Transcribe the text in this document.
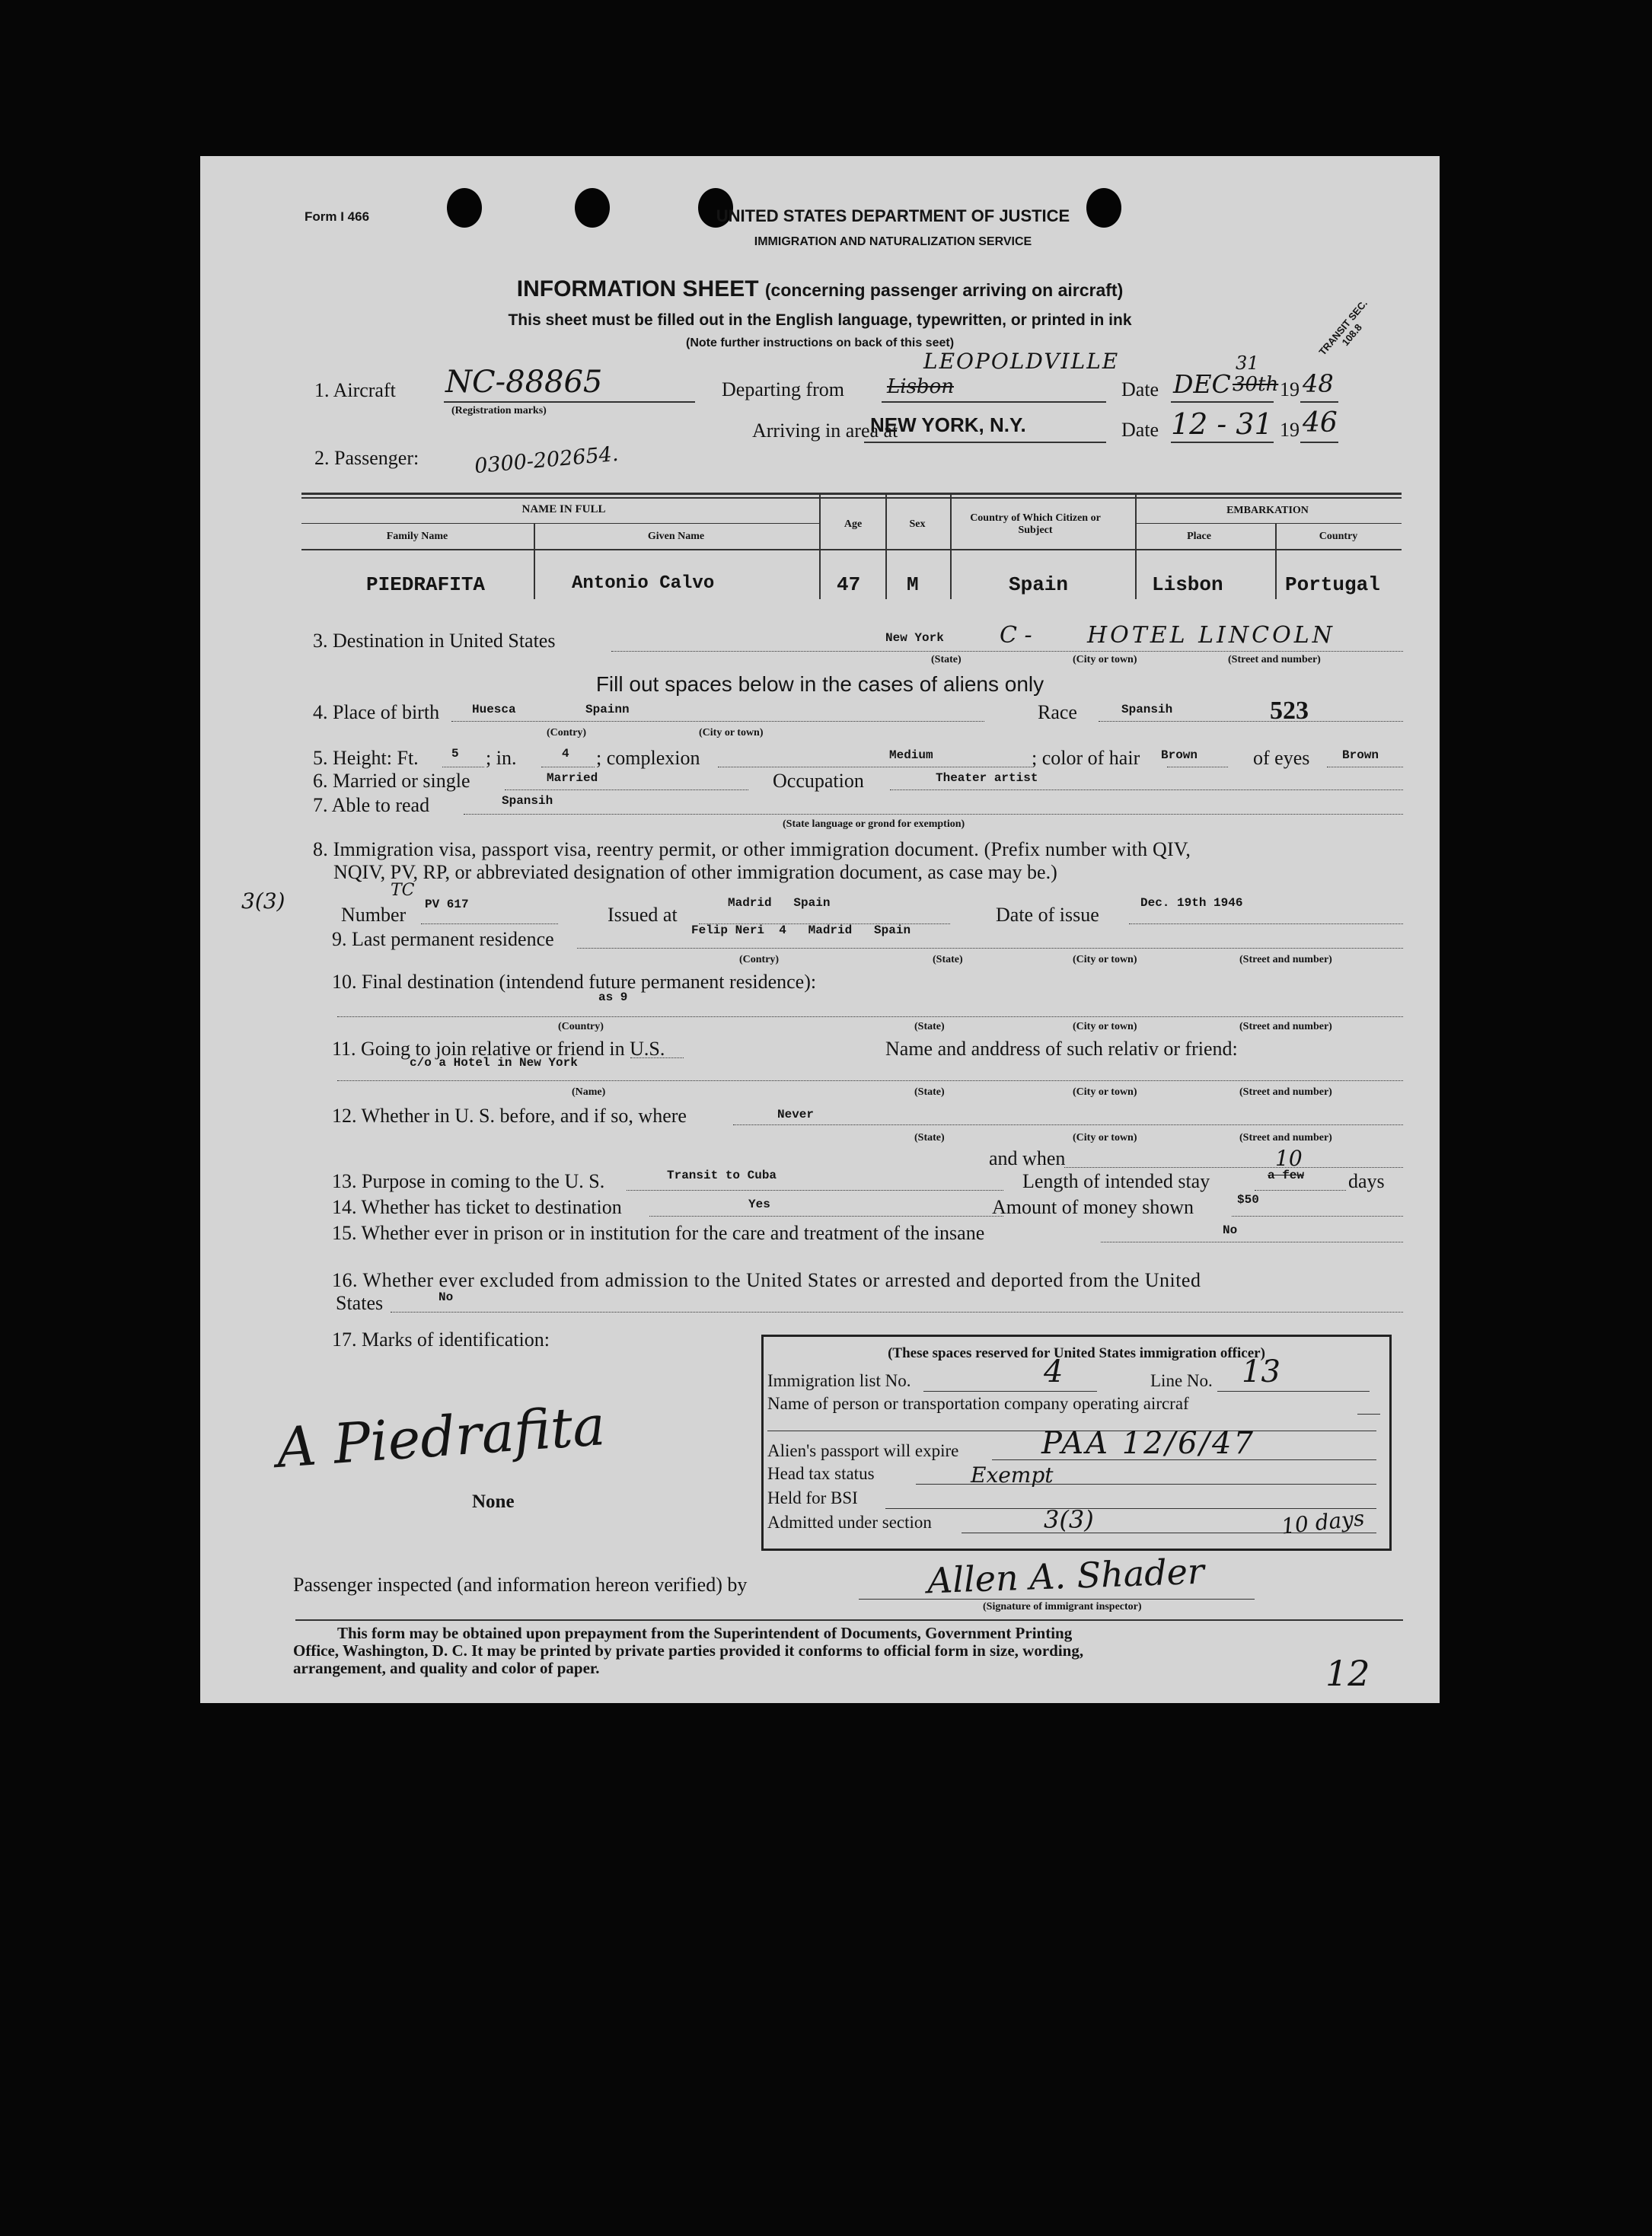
Form I 466	UNITED STATES DEPARTMENT OF JUSTICE
IMMIGRATION AND NATURALIZATION SERVICE
INFORMATION SHEET (concerning passenger arriving on aircraft)
This sheet must be filled out in the English language, typewritten, or printed in ink
(Note further instructions on back of this seet)	TRANSIT SEC. 108.8
1. Aircraft NC-88865
(Registration marks)
Departing from Lisbon
LEOPOLDVILLE
Date DEC 30th
31
19 48
Arriving in area at
NEW YORK, N.Y.	Date 12 - 31 19 46
2. Passenger:	0300-202654.
NAME IN FULL
Family Name	Given Name
Age	Sex
Country of Which Citizen or Subject
EMBARKATION
Place	Country
PIEDRAFITA	Antonio Calvo	47 M	Spain	Lisbon	Portugal
3. Destination in United States	New York C - HOTEL LINCOLN
(State)	(City or town)	(Street and number)
Fill out spaces below in the cases of aliens only
4. Place of birth	Huesca	Spainn
(Contry)	(City or town)
Race	Spansih	523
5. Height: Ft.	5 ; in.	4 ; complexion	Medium	; color of hair Brown	of eyes	Brown
6. Married or single	Married	Occupation	Theater artist
7. Able to read	Spansih
(State language or grond for exemption)
8. Immigration visa, passport visa, reentry permit, or other immigration document. (Prefix number with QIV,
NQIV, PV, RP, or abbreviated designation of other immigration document, as case may be.)
3(3)	TC
Number PV 617	Issued at
Madrid   Spain
Date of issue
Dec. 19th 1946
9. Last permanent residence	Felip Neri  4   Madrid   Spain
(Contry)	(State)	(City or town)	(Street and number)
10. Final destination (intendend future permanent residence):
as 9
(Country)	(State)	(City or town)	(Street and number)
11. Going to join relative or friend in U.S.	Name and anddress of such relativ or friend:
c/o a Hotel in New York
(Name)	(State)	(City or town)	(Street and number)
12. Whether in U. S. before, and if so, where	Never
(State)	(City or town)	(Street and number)
and when
13. Purpose in coming to the U. S.	Transit to Cuba	Length of intended stay	a few
10
days
14. Whether has ticket to destination	Yes	Amount of money shown	$50
15. Whether ever in prison or in institution for the care and treatment of the insane	No
16. Whether ever excluded from admission to the United States or arrested and deported from the United
States	No
17. Marks of identification:
A Piedrafita
None
(These spaces reserved for United States immigration officer)
Immigration list No.	4	Line No. 13
Name of person or transportation company operating aircraf
Alien's passport will expire	PAA 12/6/47
Head tax status	Exempt
Held for BSI
Admitted under section	3(3)	10 days
Passenger inspected (and information hereon verified) by	Allen A. Shader
(Signature of immigrant inspector)
This form may be obtained upon prepayment from the Superintendent of Documents, Government Printing
Office, Washington, D. C. It may be printed by private parties provided it conforms to official form in size, wording,
arrangement, and quality and color of paper.	12
